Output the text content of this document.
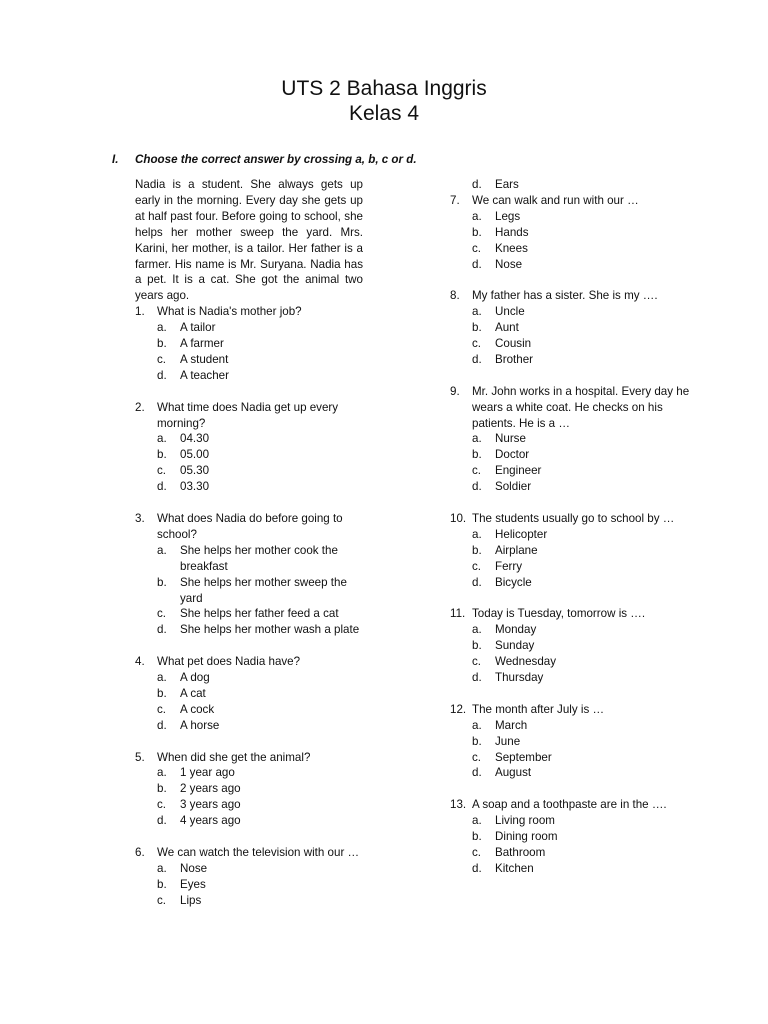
UTS 2 Bahasa Inggris
Kelas 4
I. Choose the correct answer by crossing a, b, c or d.

Nadia is a student. She always gets up early in the morning. Every day she gets up at half past four. Before going to school, she helps her mother sweep the yard. Mrs. Karini, her mother, is a tailor. Her father is a farmer. His name is Mr. Suryana. Nadia has a pet. It is a cat. She got the animal two years ago.

1.	What is Nadia's mother job?
a.	A tailor
b.	A farmer
c.	A student
d.	A teacher
2.	What time does Nadia get up every morning?
a.	04.30
b.	05.00
c.	05.30
d.	03.30
3.	What does Nadia do before going to school?
a.	She helps her mother cook the breakfast
b.	She helps her mother sweep the yard
c.	She helps her father feed a cat
d.	She helps her mother wash a plate
4.	What pet does Nadia have?
a.	A dog
b.	A cat
c.	A cock
d.	A horse
5.	When did she get the animal?
a.	1 year ago
b.	2 years ago
c.	3 years ago
d.	4 years ago
6.	We can watch the television with our …
a.	Nose
b.	Eyes
c.	Lips
d.	Ears
7.	We can walk and run with our …
a.	Legs
b.	Hands
c.	Knees
d.	Nose
8.	My father has a sister. She is my ….
a.	Uncle
b.	Aunt
c.	Cousin
d.	Brother
9.	Mr. John works in a hospital. Every day he wears a white coat. He checks on his patients. He is a …
a.	Nurse
b.	Doctor
c.	Engineer
d.	Soldier
10. The students usually go to school by …
a.	Helicopter
b.	Airplane
c.	Ferry
d.	Bicycle
11. Today is Tuesday, tomorrow is ….
a.	Monday
b.	Sunday
c.	Wednesday
d.	Thursday
12. The month after July is …
a.	March
b.	June
c.	September
d.	August
13. A soap and a toothpaste are in the ….
a.	Living room
b.	Dining room
c.	Bathroom
d.	Kitchen
